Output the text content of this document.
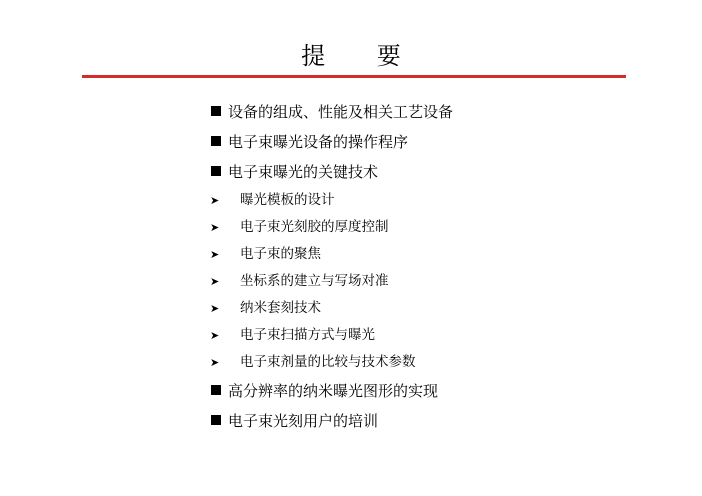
提 要
设备的组成、性能及相关工艺设备
电子束曝光设备的操作程序
电子束曝光的关键技术
➤ 曝光模板的设计
➤ 电子束光刻胶的厚度控制
➤ 电子束的聚焦
➤ 坐标系的建立与写场对准
➤ 纳米套刻技术
➤ 电子束扫描方式与曝光
➤ 电子束剂量的比较与技术参数
高分辨率的纳米曝光图形的实现
电子束光刻用户的培训
